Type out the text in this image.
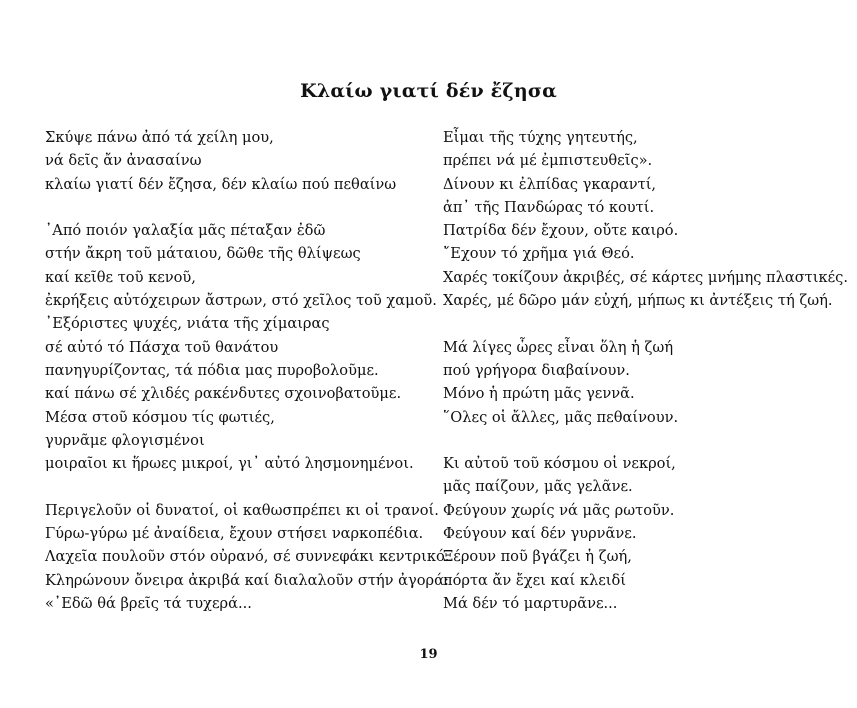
Κλαίω γιατί δέν ἔζησα
Σκύψε πάνω ἀπό τά χείλη μου,
νά δεῖς ἄν ἀνασαίνω
κλαίω γιατί δέν ἔζησα, δέν κλαίω πού πεθαίνω
᾿Από ποιόν γαλαξία μᾶς πέταξαν ἐδῶ
στήν ἄκρη τοῦ μάταιου, δῶθε τῆς θλίψεως
καί κεῖθε τοῦ κενοῦ,
ἐκρήξεις αὐτόχειρων ἄστρων, στό χεῖλος τοῦ χαμοῦ.
᾿Εξόριστες ψυχές, νιάτα τῆς χίμαιρας
σέ αὐτό τό Πάσχα τοῦ θανάτου
πανηγυρίζοντας, τά πόδια μας πυροβολοῦμε.
καί πάνω σέ χλιδές ρακένδυτες σχοινοβατοῦμε.
Μέσα στοῦ κόσμου τίς φωτιές,
γυρνᾶμε φλογισμένοι
μοιραῖοι κι ἥρωες μικροί, γι᾿ αὐτό λησμονημένοι.
Περιγελοῦν οἱ δυνατοί, οἱ καθωσπρέπει κι οἱ τρανοί.
Γύρω-γύρω μέ ἀναίδεια, ἔχουν στήσει ναρκοπέδια.
Λαχεῖα πουλοῦν στόν οὐρανό, σέ συννεφάκι κεντρικό.
Κληρώνουν ὄνειρα ἀκριβά καί διαλαλοῦν στήν ἀγορά:
«᾿Εδῶ θά βρεῖς τά τυχερά...
Εἶμαι τῆς τύχης γητευτής,
πρέπει νά μέ ἐμπιστευθεῖς».
Δίνουν κι ἐλπίδας γκαραντί,
ἀπ᾿ τῆς Πανδώρας τό κουτί.
Πατρίδα δέν ἔχουν, οὔτε καιρό.
῎Εχουν τό χρῆμα γιά Θεό.
Χαρές τοκίζουν ἀκριβές, σέ κάρτες μνήμης πλαστικές.
Χαρές, μέ δῶρο μάν εὐχή, μήπως κι ἀντέξεις τή ζωή.
Μά λίγες ὧρες εἶναι ὅλη ἡ ζωή
πού γρήγορα διαβαίνουν.
Μόνο ἡ πρώτη μᾶς γεννᾶ.
῞Ολες οἱ ἄλλες, μᾶς πεθαίνουν.
Κι αὐτοῦ τοῦ κόσμου οἱ νεκροί,
μᾶς παίζουν, μᾶς γελᾶνε.
Φεύγουν χωρίς νά μᾶς ρωτοῦν.
Φεύγουν καί δέν γυρνᾶνε.
Ξέρουν ποῦ βγάζει ἡ ζωή,
πόρτα ἄν ἔχει καί κλειδί
Μά δέν τό μαρτυρᾶνε...
19
